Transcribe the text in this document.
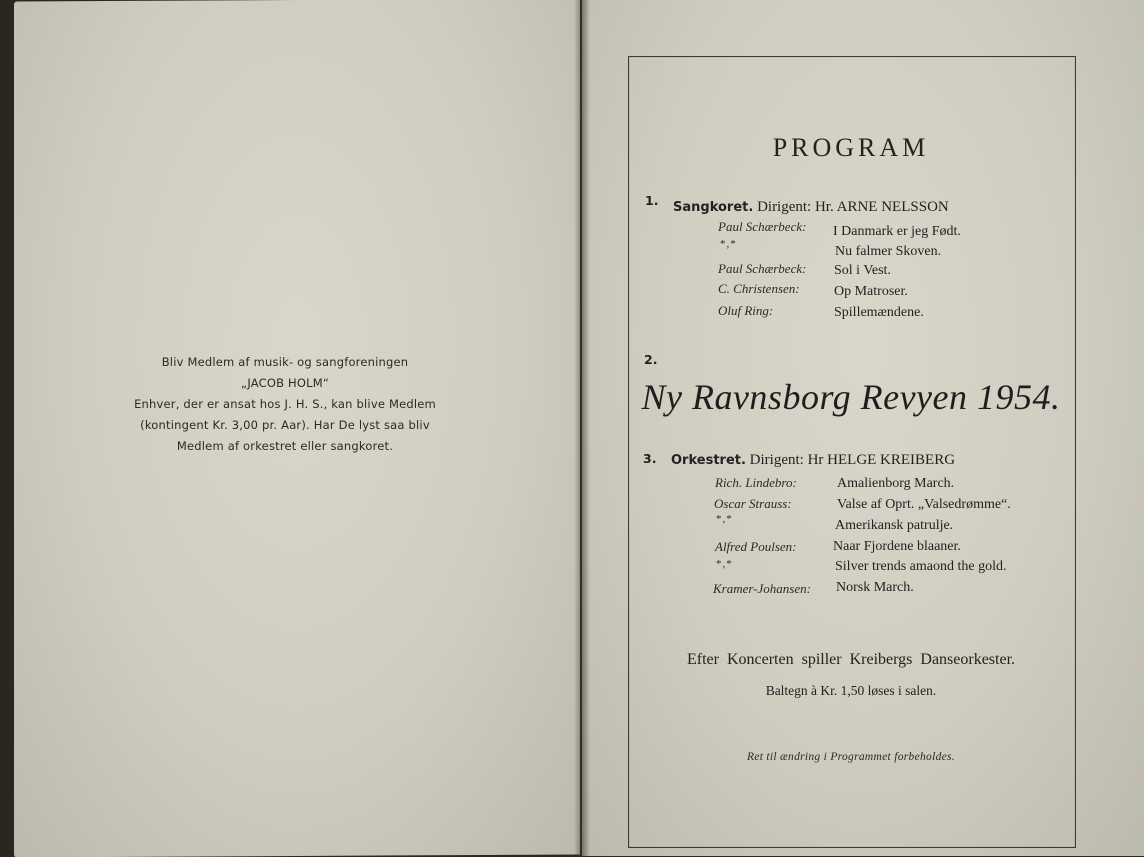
Bliv Medlem af musik- og sangforeningen
„JACOB HOLM“
Enhver, der er ansat hos J. H. S., kan blive Medlem
(kontingent Kr. 3,00 pr. Aar). Har De lyst saa bliv
Medlem af orkestret eller sangkoret.
PROGRAM
1. Sangkoret. Dirigent: Hr. ARNE NELSSON
Paul Schærbeck: I Danmark er jeg Født.
*,*	Nu falmer Skoven.
Paul Schærbeck: Sol i Vest.
C. Christensen: Op Matroser.
Oluf Ring:	Spillemændene.
2.
Ny Ravnsborg Revyen 1954.
3. Orkestret. Dirigent: Hr HELGE KREIBERG
Rich. Lindebro:	Amalienborg March.
Oscar Strauss:	Valse af Oprt. „Valsedrømme“.
*,*	Amerikansk patrulje.
Alfred Poulsen:	Naar Fjordene blaaner.
*,*	Silver trends amaond the gold.
Kramer-Johansen: Norsk March.
Efter Koncerten spiller Kreibergs Danseorkester.
Baltegn à Kr. 1,50 løses i salen.
Ret til ændring i Programmet forbeholdes.
